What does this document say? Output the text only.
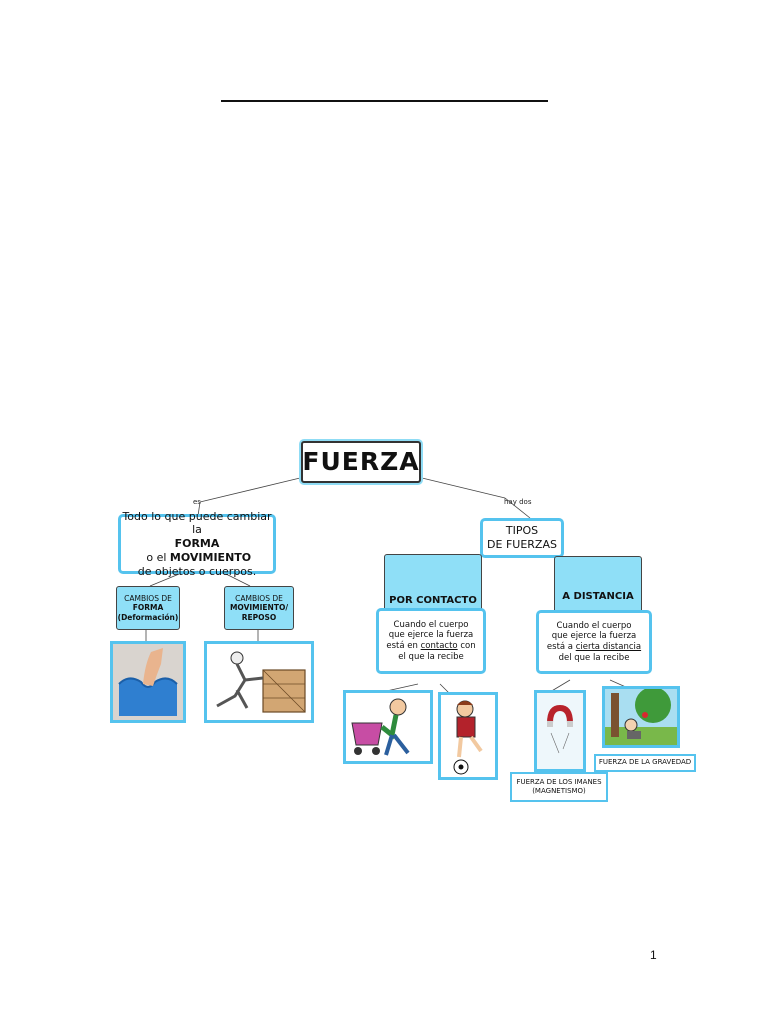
FUERZA
es	hay dos
Todo lo que puede cambiar la
FORMA o el MOVIMIENTO
de objetos o cuerpos.
CAMBIOS DE
FORMA
(Deformación)
CAMBIOS DE
MOVIMIENTO/
REPOSO
TIPOS
DE FUERZAS
POR CONTACTO	A DISTANCIA
Cuando el cuerpo
que ejerce la fuerza
está en contacto con
el que la recibe
Cuando el cuerpo
que ejerce la fuerza
está a cierta distancia
del que la recibe
FUERZA DE LOS IMANES
(MAGNETISMO)
FUERZA DE LA GRAVEDAD
1
